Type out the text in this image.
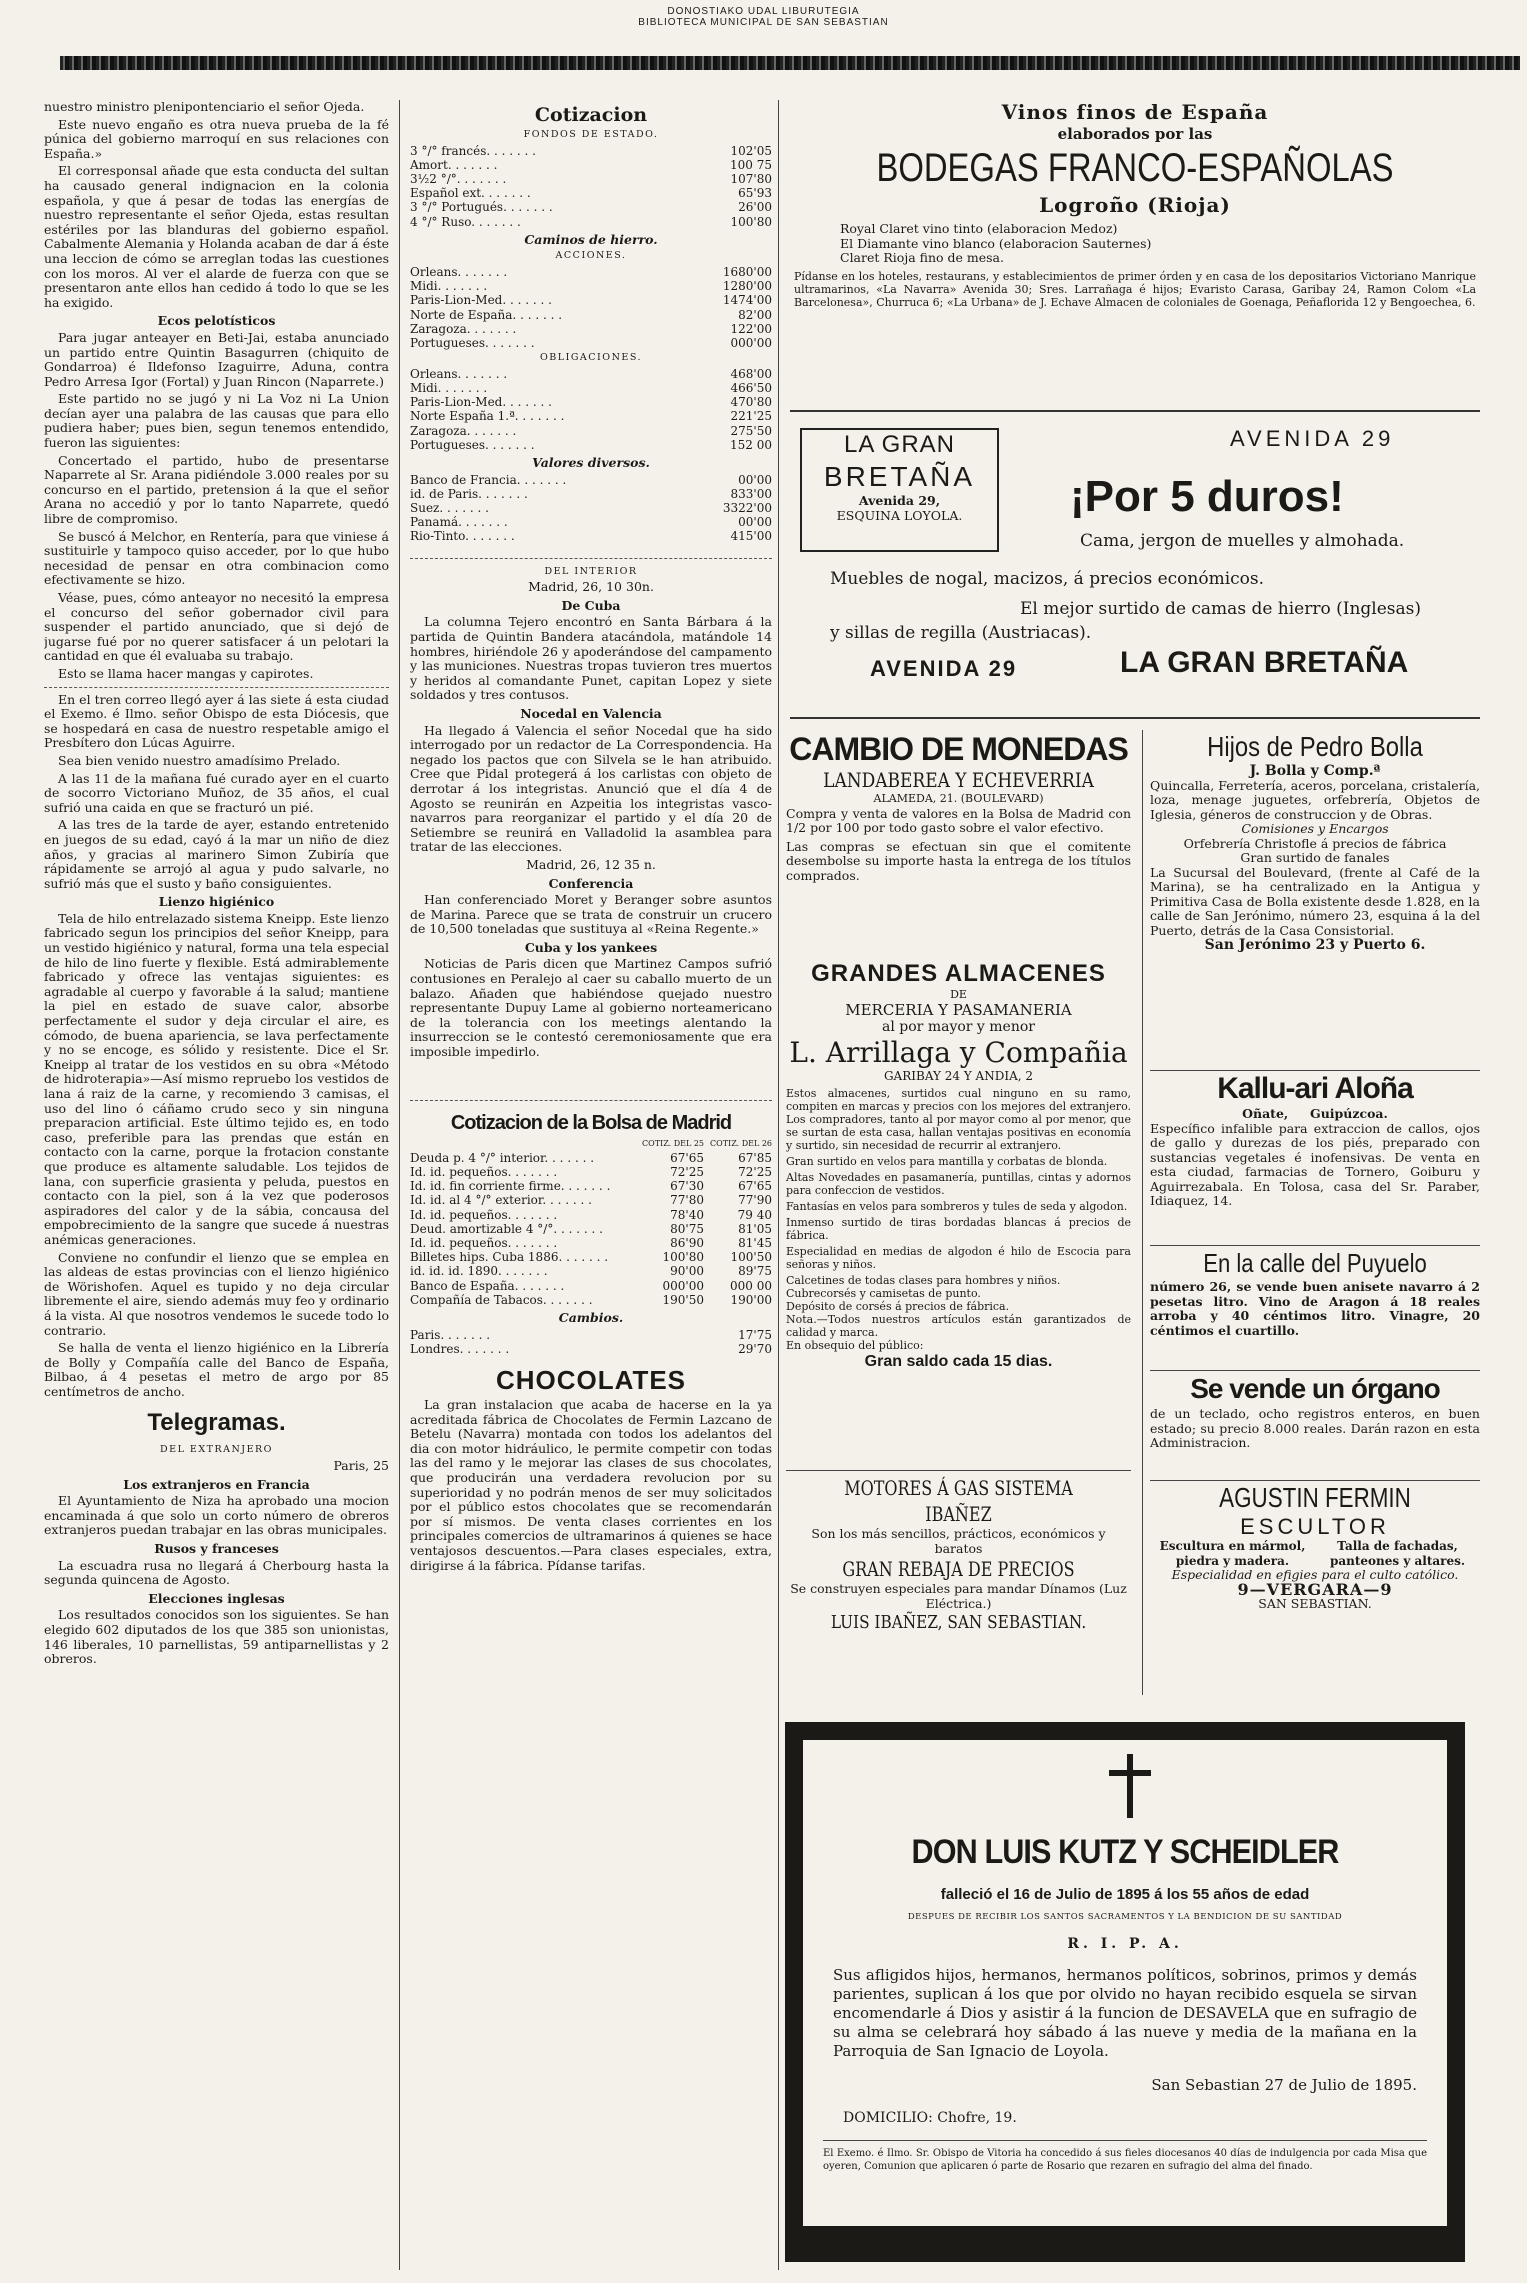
DONOSTIAKO UDAL LIBURUTEGIA
BIBLIOTECA MUNICIPAL DE SAN SEBASTIAN

nuestro ministro plenipontenciario el señor Ojeda.

Este nuevo engaño es otra nueva prueba de la fé púnica del gobierno marroquí en sus relaciones con España.»

El corresponsal añade que esta conducta del sultan ha causado general indignacion en la colonia española, y que á pesar de todas las energías de nuestro representante el señor Ojeda, estas resultan estériles por las blanduras del gobierno español. Cabalmente Alemania y Holanda acaban de dar á éste una leccion de cómo se arreglan todas las cuestiones con los moros. Al ver el alarde de fuerza con que se presentaron ante ellos han cedido á todo lo que se les ha exigido.

Ecos pelotísticos

Para jugar anteayer en Beti-Jai, estaba anunciado un partido entre Quintin Basagurren (chiquito de Gondarroa) é Ildefonso Izaguirre, Aduna, contra Pedro Arresa Igor (Fortal) y Juan Rincon (Naparrete.)

Este partido no se jugó y ni La Voz ni La Union decían ayer una palabra de las causas que para ello pudiera haber; pues bien, segun tenemos entendido, fueron las siguientes:

Concertado el partido, hubo de presentarse Naparrete al Sr. Arana pidiéndole 3.000 reales por su concurso en el partido, pretension á la que el señor Arana no accedió y por lo tanto Naparrete, quedó libre de compromiso.

Se buscó á Melchor, en Rentería, para que viniese á sustituirle y tampoco quiso acceder, por lo que hubo necesidad de pensar en otra combinacion como efectivamente se hizo.

Véase, pues, cómo anteayor no necesitó la empresa el concurso del señor gobernador civil para suspender el partido anunciado, que si dejó de jugarse fué por no querer satisfacer á un pelotari la cantidad en que él evaluaba su trabajo.

Esto se llama hacer mangas y capirotes.

En el tren correo llegó ayer á las siete á esta ciudad el Exemo. é Ilmo. señor Obispo de esta Diócesis, que se hospedará en casa de nuestro respetable amigo el Presbítero don Lúcas Aguirre.

Sea bien venido nuestro amadísimo Prelado.

A las 11 de la mañana fué curado ayer en el cuarto de socorro Victoriano Muñoz, de 35 años, el cual sufrió una caida en que se fracturó un pié.

A las tres de la tarde de ayer, estando entretenido en juegos de su edad, cayó á la mar un niño de diez años, y gracias al marinero Simon Zubiría que rápidamente se arrojó al agua y pudo salvarle, no sufrió más que el susto y baño consiguientes.

Lienzo higiénico

Tela de hilo entrelazado sistema Kneipp. Este lienzo fabricado segun los principios del señor Kneipp, para un vestido higiénico y natural, forma una tela especial de hilo de lino fuerte y flexible. Está admirablemente fabricado y ofrece las ventajas siguientes: es agradable al cuerpo y favorable á la salud; mantiene la piel en estado de suave calor, absorbe perfectamente el sudor y deja circular el aire, es cómodo, de buena apariencia, se lava perfectamente y no se encoge, es sólido y resistente. Dice el Sr. Kneipp al tratar de los vestidos en su obra «Método de hidroterapia»—Así mismo repruebo los vestidos de lana á raiz de la carne, y recomiendo 3 camisas, el uso del lino ó cáñamo crudo seco y sin ninguna preparacion artificial. Este último tejido es, en todo caso, preferible para las prendas que están en contacto con la carne, porque la frotacion constante que produce es altamente saludable. Los tejidos de lana, con superficie grasienta y peluda, puestos en contacto con la piel, son á la vez que poderosos aspiradores del calor y de la sábia, concausa del empobrecimiento de la sangre que sucede á nuestras anémicas generaciones.

Conviene no confundir el lienzo que se emplea en las aldeas de estas provincias con el lienzo higiénico de Wörishofen. Aquel es tupido y no deja circular libremente el aire, siendo además muy feo y ordinario á la vista. Al que nosotros vendemos le sucede todo lo contrario.

Se halla de venta el lienzo higiénico en la Librería de Bolly y Compañía calle del Banco de España, Bilbao, á 4 pesetas el metro de argo por 85 centímetros de ancho.

Telegramas.
DEL EXTRANJERO
Paris, 25
Los extranjeros en Francia

El Ayuntamiento de Niza ha aprobado una mocion encaminada á que solo un corto número de obreros extranjeros puedan trabajar en las obras municipales.

Rusos y franceses

La escuadra rusa no llegará á Cherbourg hasta la segunda quincena de Agosto.

Elecciones inglesas

Los resultados conocidos son los siguientes. Se han elegido 602 diputados de los que 385 son unionistas, 146 liberales, 10 parnellistas, 59 antiparnellistas y 2 obreros.

Cotizacion
FONDOS DE ESTADO.
3 °/° francés. . . . . . .	102'05
Amort. . . . . . .	100 75
3½2 °/°. . . . . . .	107'80
Español ext. . . . . . .	65'93
3 °/° Portugués. . . . . . .	26'00
4 °/° Ruso. . . . . . .	100'80
Caminos de hierro.
ACCIONES.
Orleans. . . . . . .	1680'00
Midi. . . . . . .	1280'00
Paris-Lion-Med. . . . . . .	1474'00
Norte de España. . . . . . .	82'00
Zaragoza. . . . . . .	122'00
Portugueses. . . . . . .	000'00
OBLIGACIONES.
Orleans. . . . . . .	468'00
Midi. . . . . . .	466'50
Paris-Lion-Med. . . . . . .	470'80
Norte España 1.ª. . . . . . .	221'25
Zaragoza. . . . . . .	275'50
Portugueses. . . . . . .	152 00
Valores diversos.
Banco de Francia. . . . . . .	00'00
id. de Paris. . . . . . .	833'00
Suez. . . . . . .	3322'00
Panamá. . . . . . .	00'00
Rio-Tinto. . . . . . .	415'00
DEL INTERIOR
Madrid, 26, 10 30n.
De Cuba

La columna Tejero encontró en Santa Bárbara á la partida de Quintin Bandera atacándola, matándole 14 hombres, hiriéndole 26 y apoderándose del campamento y las municiones. Nuestras tropas tuvieron tres muertos y heridos al comandante Punet, capitan Lopez y siete soldados y tres contusos.

Nocedal en Valencia

Ha llegado á Valencia el señor Nocedal que ha sido interrogado por un redactor de La Correspondencia. Ha negado los pactos que con Silvela se le han atribuido. Cree que Pidal protegerá á los carlistas con objeto de derrotar á los integristas. Anunció que el día 4 de Agosto se reunirán en Azpeitia los integristas vasco-navarros para reorganizar el partido y el día 20 de Setiembre se reunirá en Valladolid la asamblea para tratar de las elecciones.

Madrid, 26, 12 35 n.
Conferencia

Han conferenciado Moret y Beranger sobre asuntos de Marina. Parece que se trata de construir un crucero de 10,500 toneladas que sustituya al «Reina Regente.»

Cuba y los yankees

Noticias de Paris dicen que Martinez Campos sufrió contusiones en Peralejo al caer su caballo muerto de un balazo. Añaden que habiéndose quejado nuestro representante Dupuy Lame al gobierno norteamericano de la tolerancia con los meetings alentando la insurreccion se le contestó ceremoniosamente que era imposible impedirlo.

Cotizacion de la Bolsa de Madrid
	COTIZ. DEL 25	COTIZ. DEL 26
Deuda p. 4 °/° interior. . . . . . .	67'65	67'85
Id. id. pequeños. . . . . . .	72'25	72'25
Id. id. fin corriente firme. . . . . . .	67'30	67'65
Id. id. al 4 °/° exterior. . . . . . .	77'80	77'90
Id. id. pequeños. . . . . . .	78'40	79 40
Deud. amortizable 4 °/°. . . . . . .	80'75	81'05
Id. id. pequeños. . . . . . .	86'90	81'45
Billetes hips. Cuba 1886. . . . . . .	100'80	100'50
id. id. id. 1890. . . . . . .	90'00	89'75
Banco de España. . . . . . .	000'00	000 00
Compañía de Tabacos. . . . . . .	190'50	190'00
Cambios.
Paris. . . . . . .	17'75
Londres. . . . . . .	29'70
CHOCOLATES

La gran instalacion que acaba de hacerse en la ya acreditada fábrica de Chocolates de Fermin Lazcano de Betelu (Navarra) montada con todos los adelantos del dia con motor hidráulico, le permite competir con todas las del ramo y le mejorar las clases de sus chocolates, que producirán una verdadera revolucion por su superioridad y no podrán menos de ser muy solicitados por el público estos chocolates que se recomendarán por sí mismos. De venta clases corrientes en los principales comercios de ultramarinos á quienes se hace ventajosos descuentos.—Para clases especiales, extra, dirigirse á la fábrica. Pídanse tarifas.

Vinos finos de España
elaborados por las
BODEGAS FRANCO-ESPAÑOLAS
Logroño (Rioja)
Royal Claret vino tinto (elaboracion Medoz)
El Diamante vino blanco (elaboracion Sauternes)
Claret Rioja fino de mesa.
Pídanse en los hoteles, restaurans, y establecimientos de primer órden y en casa de los depositarios Victoriano Manrique ultramarinos, «La Navarra» Avenida 30; Sres. Larrañaga é hijos; Evaristo Carasa, Garibay 24, Ramon Colom «La Barcelonesa», Churruca 6; «La Urbana» de J. Echave Almacen de coloniales de Goenaga, Peñaflorida 12 y Bengoechea, 6.
LA GRAN
BRETAÑA
Avenida 29,
ESQUINA LOYOLA.
AVENIDA 29
¡Por 5 duros!
Cama, jergon de muelles y almohada.
Muebles de nogal, macizos, á precios económicos.
El mejor surtido de camas de hierro (Inglesas)
y sillas de regilla (Austriacas).
AVENIDA 29	LA GRAN BRETAÑA
CAMBIO DE MONEDAS
LANDABEREA Y ECHEVERRIA
ALAMEDA, 21. (BOULEVARD)
Compra y venta de valores en la Bolsa de Madrid con 1/2 por 100 por todo gasto sobre el valor efectivo.
Las compras se efectuan sin que el comitente desembolse su importe hasta la entrega de los títulos comprados.
GRANDES ALMACENES
DE
MERCERIA Y PASAMANERIA
al por mayor y menor
L. Arrillaga y Compañia
GARIBAY 24 Y ANDIA, 2
Estos almacenes, surtidos cual ninguno en su ramo, compiten en marcas y precios con los mejores del extranjero. Los compradores, tanto al por mayor como al por menor, que se surtan de esta casa, hallan ventajas positivas en economía y surtido, sin necesidad de recurrir al extranjero.
Gran surtido en velos para mantilla y corbatas de blonda.
Altas Novedades en pasamanería, puntillas, cintas y adornos para confeccion de vestidos.
Fantasías en velos para sombreros y tules de seda y algodon.
Inmenso surtido de tiras bordadas blancas á precios de fábrica.
Especialidad en medias de algodon é hilo de Escocia para señoras y niños.
Calcetines de todas clases para hombres y niños.
Cubrecorsés y camisetas de punto.
Depósito de corsés á precios de fábrica.
Nota.—Todos nuestros artículos están garantizados de calidad y marca.
En obsequio del público:
Gran saldo cada 15 dias.
MOTORES Á GAS SISTEMA IBAÑEZ
Son los más sencillos, prácticos, económicos y baratos
GRAN REBAJA DE PRECIOS
Se construyen especiales para mandar Dínamos (Luz Eléctrica.)
LUIS IBAÑEZ, SAN SEBASTIAN.
Hijos de Pedro Bolla
J. Bolla y Comp.ª
Quincalla, Ferretería, aceros, porcelana, cristalería, loza, menage juguetes, orfebrería, Objetos de Iglesia, géneros de construccion y de Obras.
Comisiones y Encargos
Orfebrería Christofle á precios de fábrica
Gran surtido de fanales
La Sucursal del Boulevard, (frente al Café de la Marina), se ha centralizado en la Antigua y Primitiva Casa de Bolla existente desde 1.828, en la calle de San Jerónimo, número 23, esquina á la del Puerto, detrás de la Casa Consistorial.
San Jerónimo 23 y Puerto 6.
Kallu-ari Aloña
Oñate, Guipúzcoa.
Específico infalible para extraccion de callos, ojos de gallo y durezas de los piés, preparado con sustancias vegetales é inofensivas. De venta en esta ciudad, farmacias de Tornero, Goiburu y Aguirrezabala. En Tolosa, casa del Sr. Paraber, Idiaquez, 14.
En la calle del Puyuelo
número 26, se vende buen anisete navarro á 2 pesetas litro. Vino de Aragon á 18 reales arroba y 40 céntimos litro. Vinagre, 20 céntimos el cuartillo.
Se vende un órgano
de un teclado, ocho registros enteros, en buen estado; su precio 8.000 reales. Darán razon en esta Administracion.
AGUSTIN FERMIN
ESCULTOR
Escultura en mármol, piedra y madera.
Talla de fachadas, panteones y altares.
Especialidad en efigies para el culto católico.
9—VERGARA—9
SAN SEBASTIAN.
DON LUIS KUTZ Y SCHEIDLER
falleció el 16 de Julio de 1895 á los 55 años de edad
DESPUES DE RECIBIR LOS SANTOS SACRAMENTOS Y LA BENDICION DE SU SANTIDAD
R. I. P. A.
Sus afligidos hijos, hermanos, hermanos políticos, sobrinos, primos y demás parientes, suplican á los que por olvido no hayan recibido esquela se sirvan encomendarle á Dios y asistir á la funcion de DESAVELA que en sufragio de su alma se celebrará hoy sábado á las nueve y media de la mañana en la Parroquia de San Ignacio de Loyola.
San Sebastian 27 de Julio de 1895.
DOMICILIO: Chofre, 19.
El Exemo. é Ilmo. Sr. Obispo de Vitoria ha concedido á sus fieles diocesanos 40 días de indulgencia por cada Misa que oyeren, Comunion que aplicaren ó parte de Rosario que rezaren en sufragio del alma del finado.
